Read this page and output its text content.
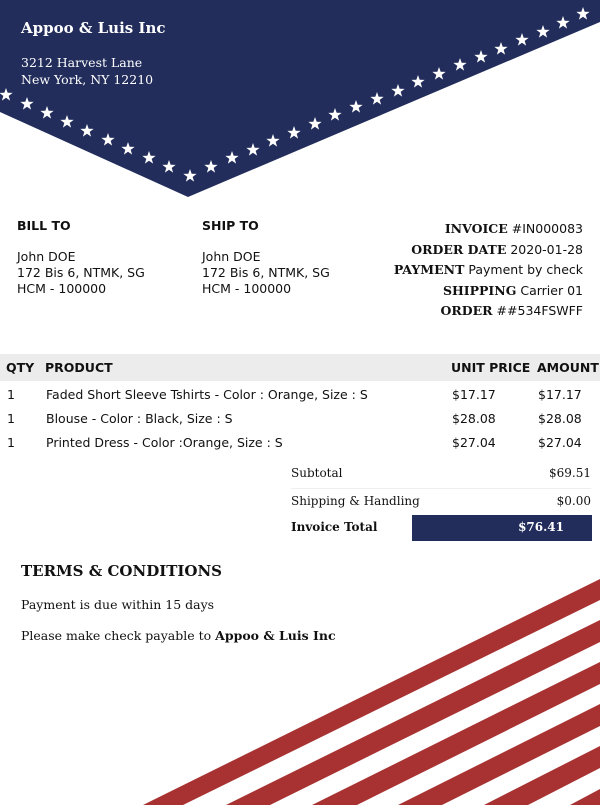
Appoo & Luis Inc
3212 Harvest Lane
New York, NY 12210
BILL TO
John DOE
172 Bis 6, NTMK, SG
HCM - 100000
SHIP TO
John DOE
172 Bis 6, NTMK, SG
HCM - 100000
INVOICE #IN000083
ORDER DATE 2020-01-28
PAYMENT Payment by check
SHIPPING Carrier 01
ORDER ##534FSWFF
QTY PRODUCT	UNIT PRICE AMOUNT
1 Faded Short Sleeve Tshirts - Color : Orange, Size : S	$17.17	$17.17
1 Blouse - Color : Black, Size : S	$28.08	$28.08
1 Printed Dress - Color :Orange, Size : S	$27.04	$27.04
Subtotal	$69.51
Shipping & Handling	$0.00
Invoice Total	$76.41
TERMS & CONDITIONS
Payment is due within 15 days
Please make check payable to Appoo & Luis Inc
